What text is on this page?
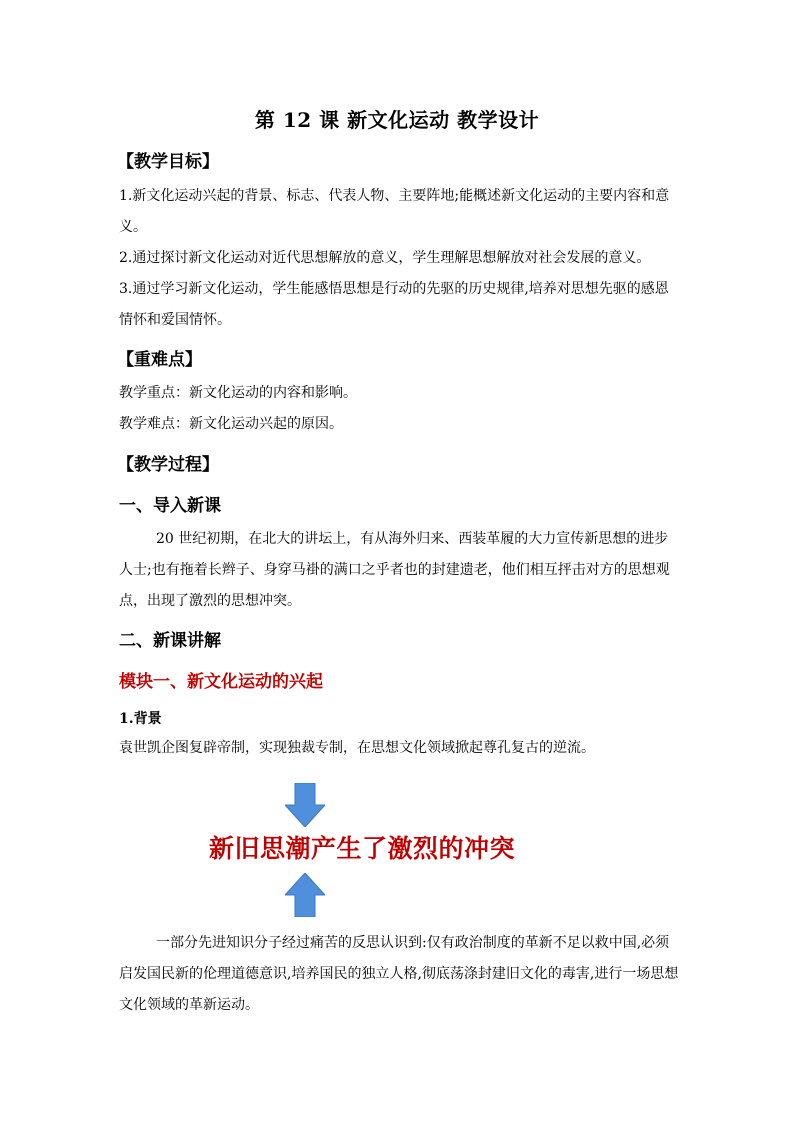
第 12 课 新文化运动 教学设计
【教学目标】
1.新文化运动兴起的背景、标志、代表人物、主要阵地;能概述新文化运动的主要内容和意义。
2.通过探讨新文化运动对近代思想解放的意义，学生理解思想解放对社会发展的意义。
3.通过学习新文化运动，学生能感悟思想是行动的先驱的历史规律,培养对思想先驱的感恩情怀和爱国情怀。
【重难点】
教学重点：新文化运动的内容和影响。
教学难点：新文化运动兴起的原因。
【教学过程】
一、导入新课
20 世纪初期，在北大的讲坛上，有从海外归来、西装革履的大力宣传新思想的进步人士;也有拖着长辫子、身穿马褂的满口之乎者也的封建遗老，他们相互抨击对方的思想观点，出现了激烈的思想冲突。
二、新课讲解
模块一、新文化运动的兴起
1.背景
袁世凯企图复辟帝制，实现独裁专制，在思想文化领域掀起尊孔复古的逆流。
新旧思潮产生了激烈的冲突
一部分先进知识分子经过痛苦的反思认识到:仅有政治制度的革新不足以救中国,必须启发国民新的伦理道德意识,培养国民的独立人格,彻底荡涤封建旧文化的毒害,进行一场思想文化领域的革新运动。
